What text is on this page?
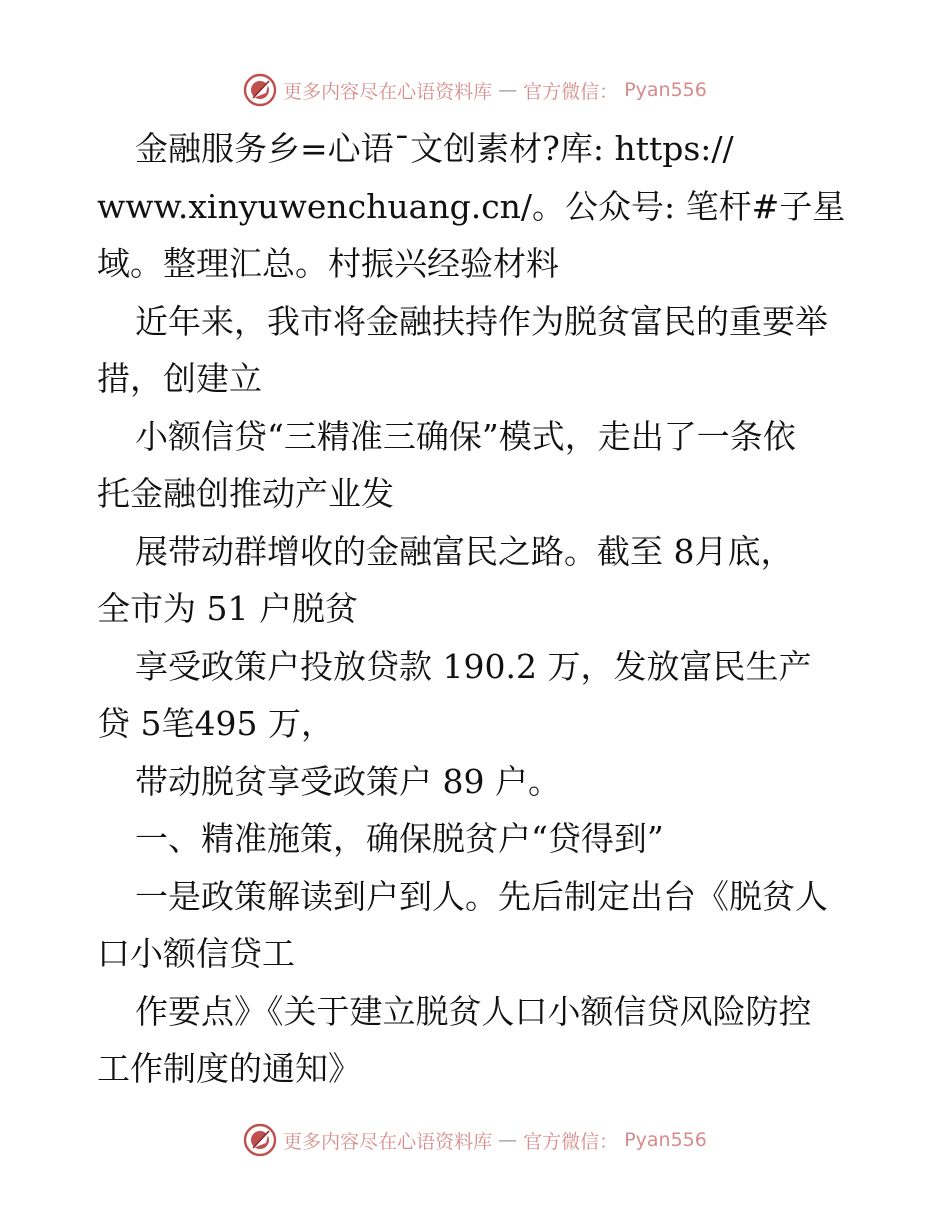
更多内容尽在心语资料库 — 官方微信： Pyan556
金融服务乡=心语¯文创素材?库: https://
www.xinyuwenchuang.cn/。公众号: 笔杆#子星
域。整理汇总。村振兴经验材料
近年来，我市将金融扶持作为脱贫富民的重要举
措，创建立
小额信贷“三精准三确保”模式，走出了一条依
托金融创推动产业发
展带动群增收的金融富民之路。截至 8月底，
全市为 51 户脱贫
享受政策户投放贷款 190.2 万，发放富民生产
贷 5笔495 万，
带动脱贫享受政策户 89 户。
一、精准施策，确保脱贫户“贷得到”
一是政策解读到户到人。先后制定出台《脱贫人
口小额信贷工
作要点》《关于建立脱贫人口小额信贷风险防控
工作制度的通知》
更多内容尽在心语资料库 — 官方微信： Pyan556
